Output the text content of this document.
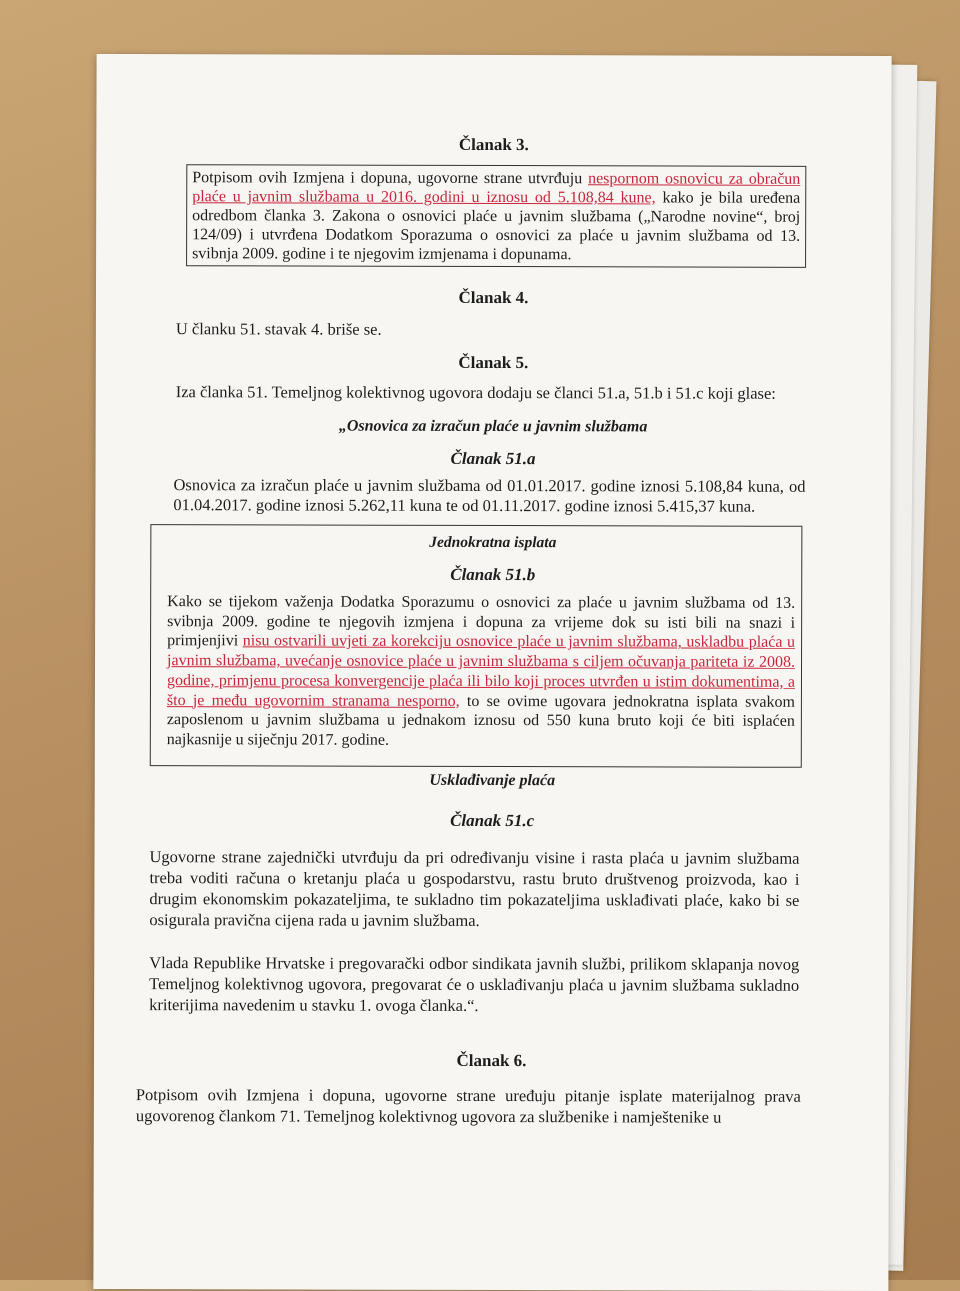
Članak 3.
Potpisom ovih Izmjena i dopuna, ugovorne strane utvrđuju nespornom osnovicu za obračun plaće u javnim službama u 2016. godini u iznosu od 5.108,84 kune, kako je bila uređena odredbom članka 3. Zakona o osnovici plaće u javnim službama („Narodne novine“, broj 124/09) i utvrđena Dodatkom Sporazuma o osnovici za plaće u javnim službama od 13. svibnja 2009. godine i te njegovim izmjenama i dopunama.
Članak 4.
U članku 51. stavak 4. briše se.
Članak 5.
Iza članka 51. Temeljnog kolektivnog ugovora dodaju se članci 51.a, 51.b i 51.c koji glase:
„Osnovica za izračun plaće u javnim službama
Članak 51.a
Osnovica za izračun plaće u javnim službama od 01.01.2017. godine iznosi 5.108,84 kuna, od 01.04.2017. godine iznosi 5.262,11 kuna te od 01.11.2017. godine iznosi 5.415,37 kuna.
Jednokratna isplata
Članak 51.b
Kako se tijekom važenja Dodatka Sporazumu o osnovici za plaće u javnim službama od 13. svibnja 2009. godine te njegovih izmjena i dopuna za vrijeme dok su isti bili na snazi i primjenjivi nisu ostvarili uvjeti za korekciju osnovice plaće u javnim službama, uskladbu plaća u javnim službama, uvećanje osnovice plaće u javnim službama s ciljem očuvanja pariteta iz 2008. godine, primjenu procesa konvergencije plaća ili bilo koji proces utvrđen u istim dokumentima, a što je među ugovornim stranama nesporno, to se ovime ugovara jednokratna isplata svakom zaposlenom u javnim službama u jednakom iznosu od 550 kuna bruto koji će biti isplaćen najkasnije u siječnju 2017. godine.
Usklađivanje plaća
Članak 51.c
Ugovorne strane zajednički utvrđuju da pri određivanju visine i rasta plaća u javnim službama treba voditi računa o kretanju plaća u gospodarstvu, rastu bruto društvenog proizvoda, kao i drugim ekonomskim pokazateljima, te sukladno tim pokazateljima usklađivati plaće, kako bi se osigurala pravična cijena rada u javnim službama.
Vlada Republike Hrvatske i pregovarački odbor sindikata javnih službi, prilikom sklapanja novog Temeljnog kolektivnog ugovora, pregovarat će o usklađivanju plaća u javnim službama sukladno kriterijima navedenim u stavku 1. ovoga članka.“.
Članak 6.
Potpisom ovih Izmjena i dopuna, ugovorne strane uređuju pitanje isplate materijalnog prava ugovorenog člankom 71. Temeljnog kolektivnog ugovora za službenike i namještenike u
